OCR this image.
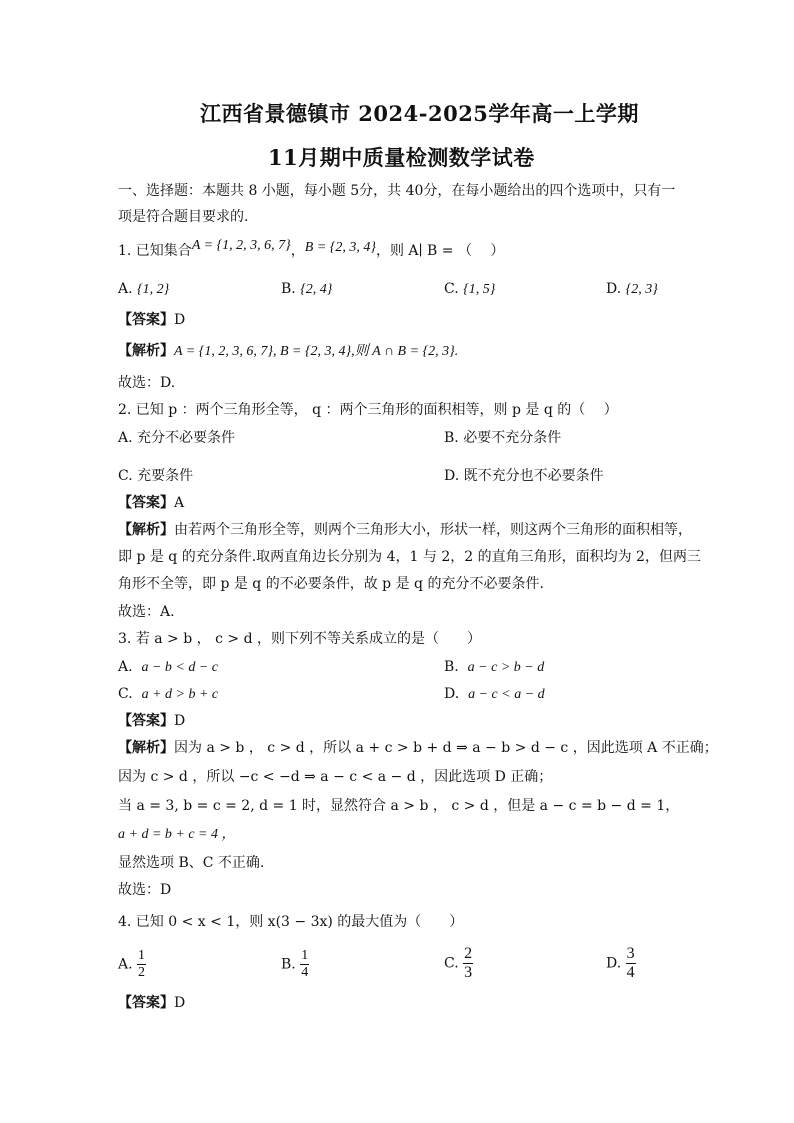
江西省景德镇市 2024-2025学年高一上学期
11月期中质量检测数学试卷
一、选择题：本题共 8 小题，每小题 5分，共 40分，在每小题给出的四个选项中，只有一
项是符合题目要求的.
1. 已知集合A = {1, 2, 3, 6, 7}，B = {2, 3, 4}，则 A∣ B = （　 ）
A. {1, 2}	B. {2, 4}	C. {1, 5}	D. {2, 3}
【答案】D
【解析】A = {1, 2, 3, 6, 7}, B = {2, 3, 4},则 A ∩ B = {2, 3}.
故选：D.
2. 已知 p ：两个三角形全等， q ：两个三角形的面积相等，则 p 是 q 的（　 ）
A. 充分不必要条件	B. 必要不充分条件
C. 充要条件	D. 既不充分也不必要条件
【答案】A
【解析】由若两个三角形全等，则两个三角形大小，形状一样，则这两个三角形的面积相等，
即 p 是 q 的充分条件.取两直角边长分别为 4，1 与 2，2 的直角三角形，面积均为 2，但两三
角形不全等，即 p 是 q 的不必要条件，故 p 是 q 的充分不必要条件.
故选：A.
3. 若 a > b ， c > d ，则下列不等关系成立的是（　　）
A. a − b < d − c	B. a − c > b − d
C. a + d > b + c	D. a − c < a − d
【答案】D
【解析】因为 a > b ， c > d ，所以 a + c > b + d ⇒ a − b > d − c ，因此选项 A 不正确；
因为 c > d ，所以 −c < −d ⇒ a − c < a − d ，因此选项 D 正确；
当 a = 3, b = c = 2, d = 1 时，显然符合 a > b ， c > d ，但是 a − c = b − d = 1，
a + d = b + c = 4 ，
显然选项 B、C 不正确.
故选：D
4. 已知 0 < x < 1，则 x(3 − 3x) 的最大值为（　　）
A. $\frac{1}{2}$	B. $\frac{1}{4}$	C. $\frac{2}{3}$	D. $\frac{3}{4}$
【答案】D
